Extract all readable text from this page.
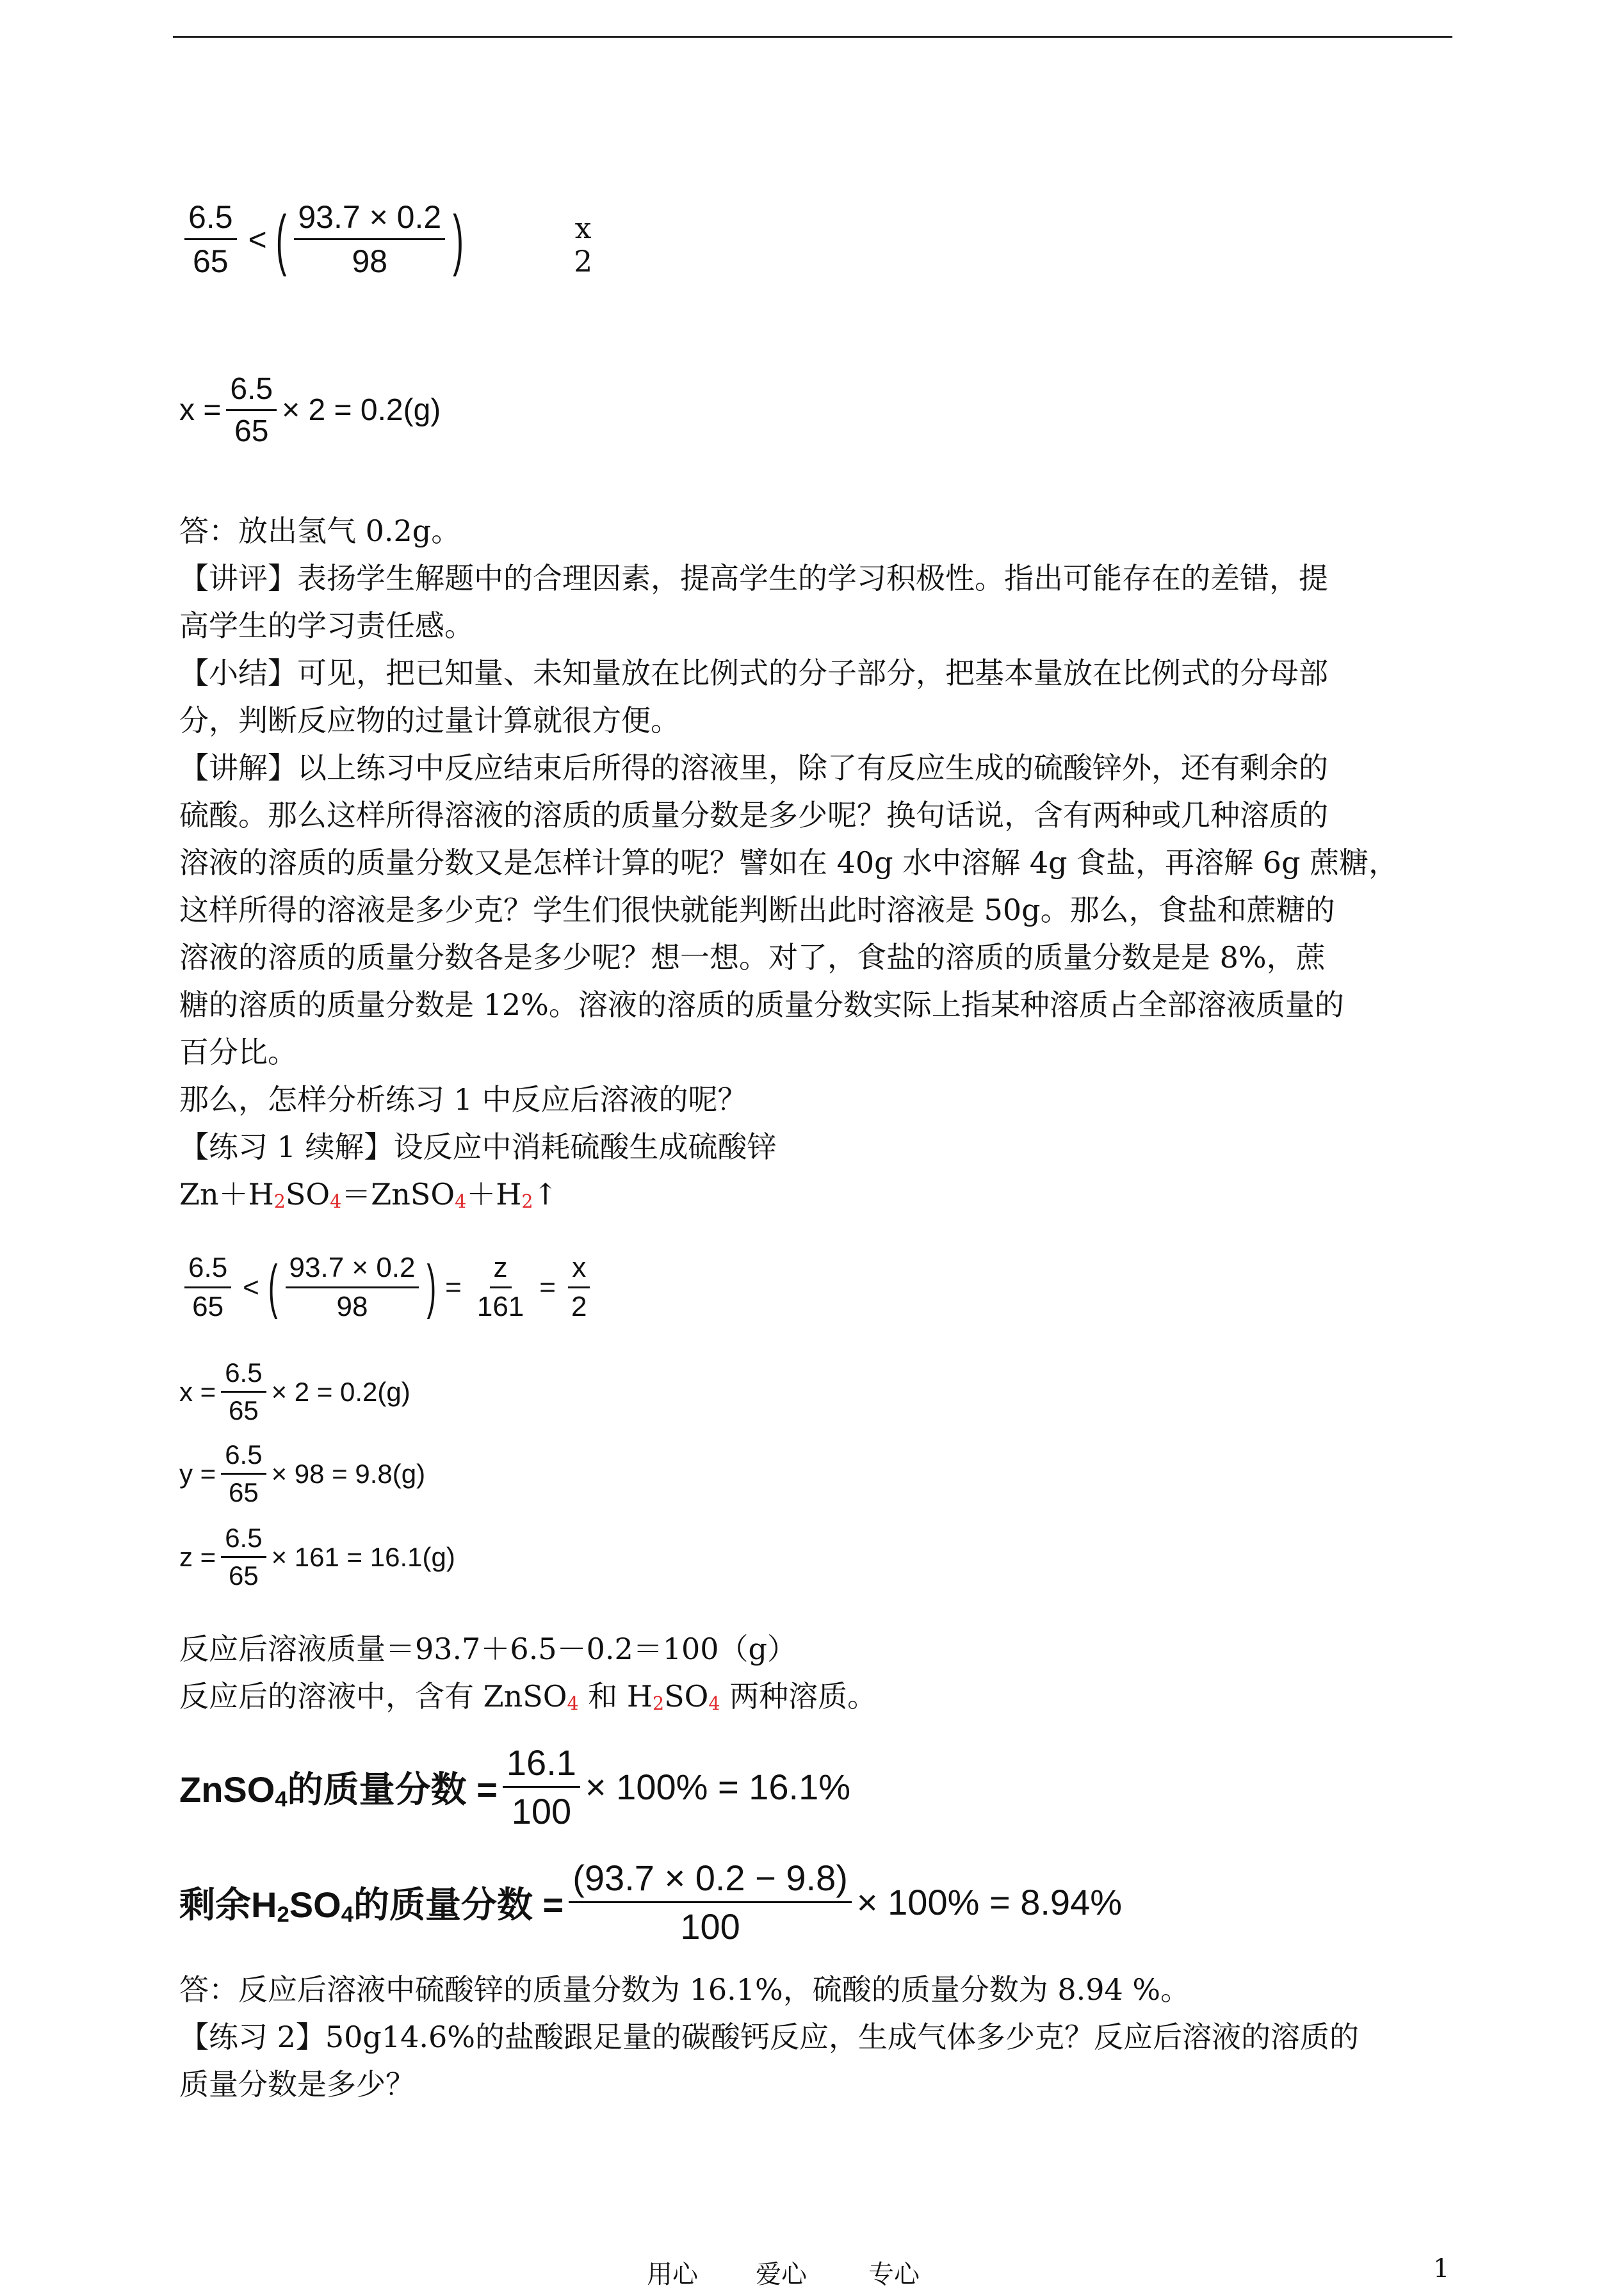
$\frac{6.5}{65}$ < ( $\frac{93.7 \times 0.2}{98}$ )	x
2
$x = \frac{6.5}{65} \times 2 = 0.2(g)$
答：放出氢气 0.2g。
【讲评】表扬学生解题中的合理因素，提高学生的学习积极性。指出可能存在的差错，提
高学生的学习责任感。
【小结】可见，把已知量、未知量放在比例式的分子部分，把基本量放在比例式的分母部
分，判断反应物的过量计算就很方便。
【讲解】以上练习中反应结束后所得的溶液里，除了有反应生成的硫酸锌外，还有剩余的
硫酸。那么这样所得溶液的溶质的质量分数是多少呢？换句话说，含有两种或几种溶质的
溶液的溶质的质量分数又是怎样计算的呢？譬如在 40g 水中溶解 4g 食盐，再溶解 6g 蔗糖，
这样所得的溶液是多少克？学生们很快就能判断出此时溶液是 50g。那么，食盐和蔗糖的
溶液的溶质的质量分数各是多少呢？想一想。对了，食盐的溶质的质量分数是是 8%，蔗
糖的溶质的质量分数是 12%。溶液的溶质的质量分数实际上指某种溶质占全部溶液质量的
百分比。
那么，怎样分析练习 1 中反应后溶液的呢？
【练习 1 续解】设反应中消耗硫酸生成硫酸锌
$Zn+H_2SO_4=ZnSO_4+H_2↑$
$\frac{6.5}{65}$ < ( $\frac{93.7 \times 0.2}{98}$ ) = $\frac{z}{161} = \frac{x}{2}$
$x = \frac{6.5}{65} \times 2 = 0.2(g)$
$y = \frac{6.5}{65} \times 98 = 9.8(g)$
$z = \frac{6.5}{65} \times 161 = 16.1(g)$
反应后溶液质量＝93.7＋6.5－0.2＝100（g）
反应后的溶液中，含有 ZnSO$_4$ 和 $H_2SO_4$ 两种溶质。
ZnSO$_4$的质量分数 = $\frac{16.1}{100} \times 100\% = 16.1\%$
剩余$H_2SO_4$的质量分数 = $\frac{(93.7 \times 0.2 - 9.8)}{100} \times 100\% = 8.94\%$
答：反应后溶液中硫酸锌的质量分数为 16.1%，硫酸的质量分数为 8.94 %。
【练习 2】50g14.6%的盐酸跟足量的碳酸钙反应，生成气体多少克？反应后溶液的溶质的
质量分数是多少？
用心 爱心 专心	1
